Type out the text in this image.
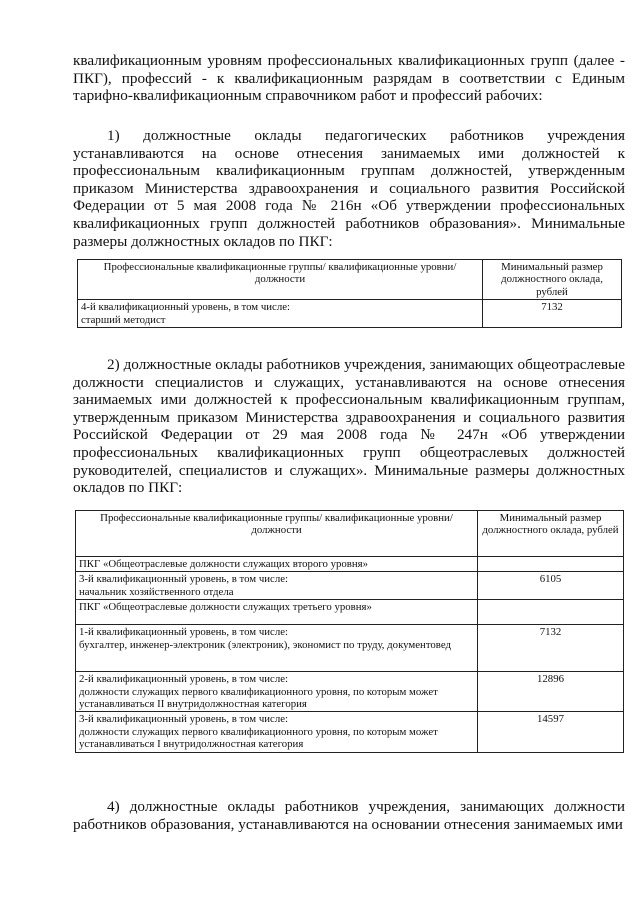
квалификационным уровням профессиональных квалификационных групп (далее - ПКГ), профессий - к квалификационным разрядам в соответствии с Единым тарифно-квалификационным справочником работ и профессий рабочих:

1) должностные оклады педагогических работников учреждения устанавливаются на основе отнесения занимаемых ими должностей к профессиональным квалификационным группам должностей, утвержденным приказом Министерства здравоохранения и социального развития Российской Федерации от 5 мая 2008 года № 216н «Об утверждении профессиональных квалификационных групп должностей работников образования». Минимальные размеры должностных окладов по ПКГ:

Профессиональные квалификационные группы/ квалификационные уровни/ должности	Минимальный размер должностного оклада, рублей

4-й квалификационный уровень, в том числе:
старший методист	7132

2) должностные оклады работников учреждения, занимающих общеотраслевые должности специалистов и служащих, устанавливаются на основе отнесения занимаемых ими должностей к профессиональным квалификационным группам, утвержденным приказом Министерства здравоохранения и социального развития Российской Федерации от 29 мая 2008 года № 247н «Об утверждении профессиональных квалификационных групп общеотраслевых должностей руководителей, специалистов и служащих». Минимальные размеры должностных окладов по ПКГ:

Профессиональные квалификационные группы/ квалификационные уровни/ должности	Минимальный размер должностного оклада, рублей
ПКГ «Общеотраслевые должности служащих второго уровня»	

3-й квалификационный уровень, в том числе:
начальник хозяйственного отдела	6105
ПКГ «Общеотраслевые должности служащих третьего уровня»	

1-й квалификационный уровень, в том числе:
бухгалтер, инженер-электроник (электроник), экономист по труду, документовед	7132

2-й квалификационный уровень, в том числе:
должности служащих первого квалификационного уровня, по которым может устанавливаться II внутридолжностная категория	12896

3-й квалификационный уровень, в том числе:
должности служащих первого квалификационного уровня, по которым может устанавливаться I внутридолжностная категория	14597

4) должностные оклады работников учреждения, занимающих должности работников образования, устанавливаются на основании отнесения занимаемых ими
